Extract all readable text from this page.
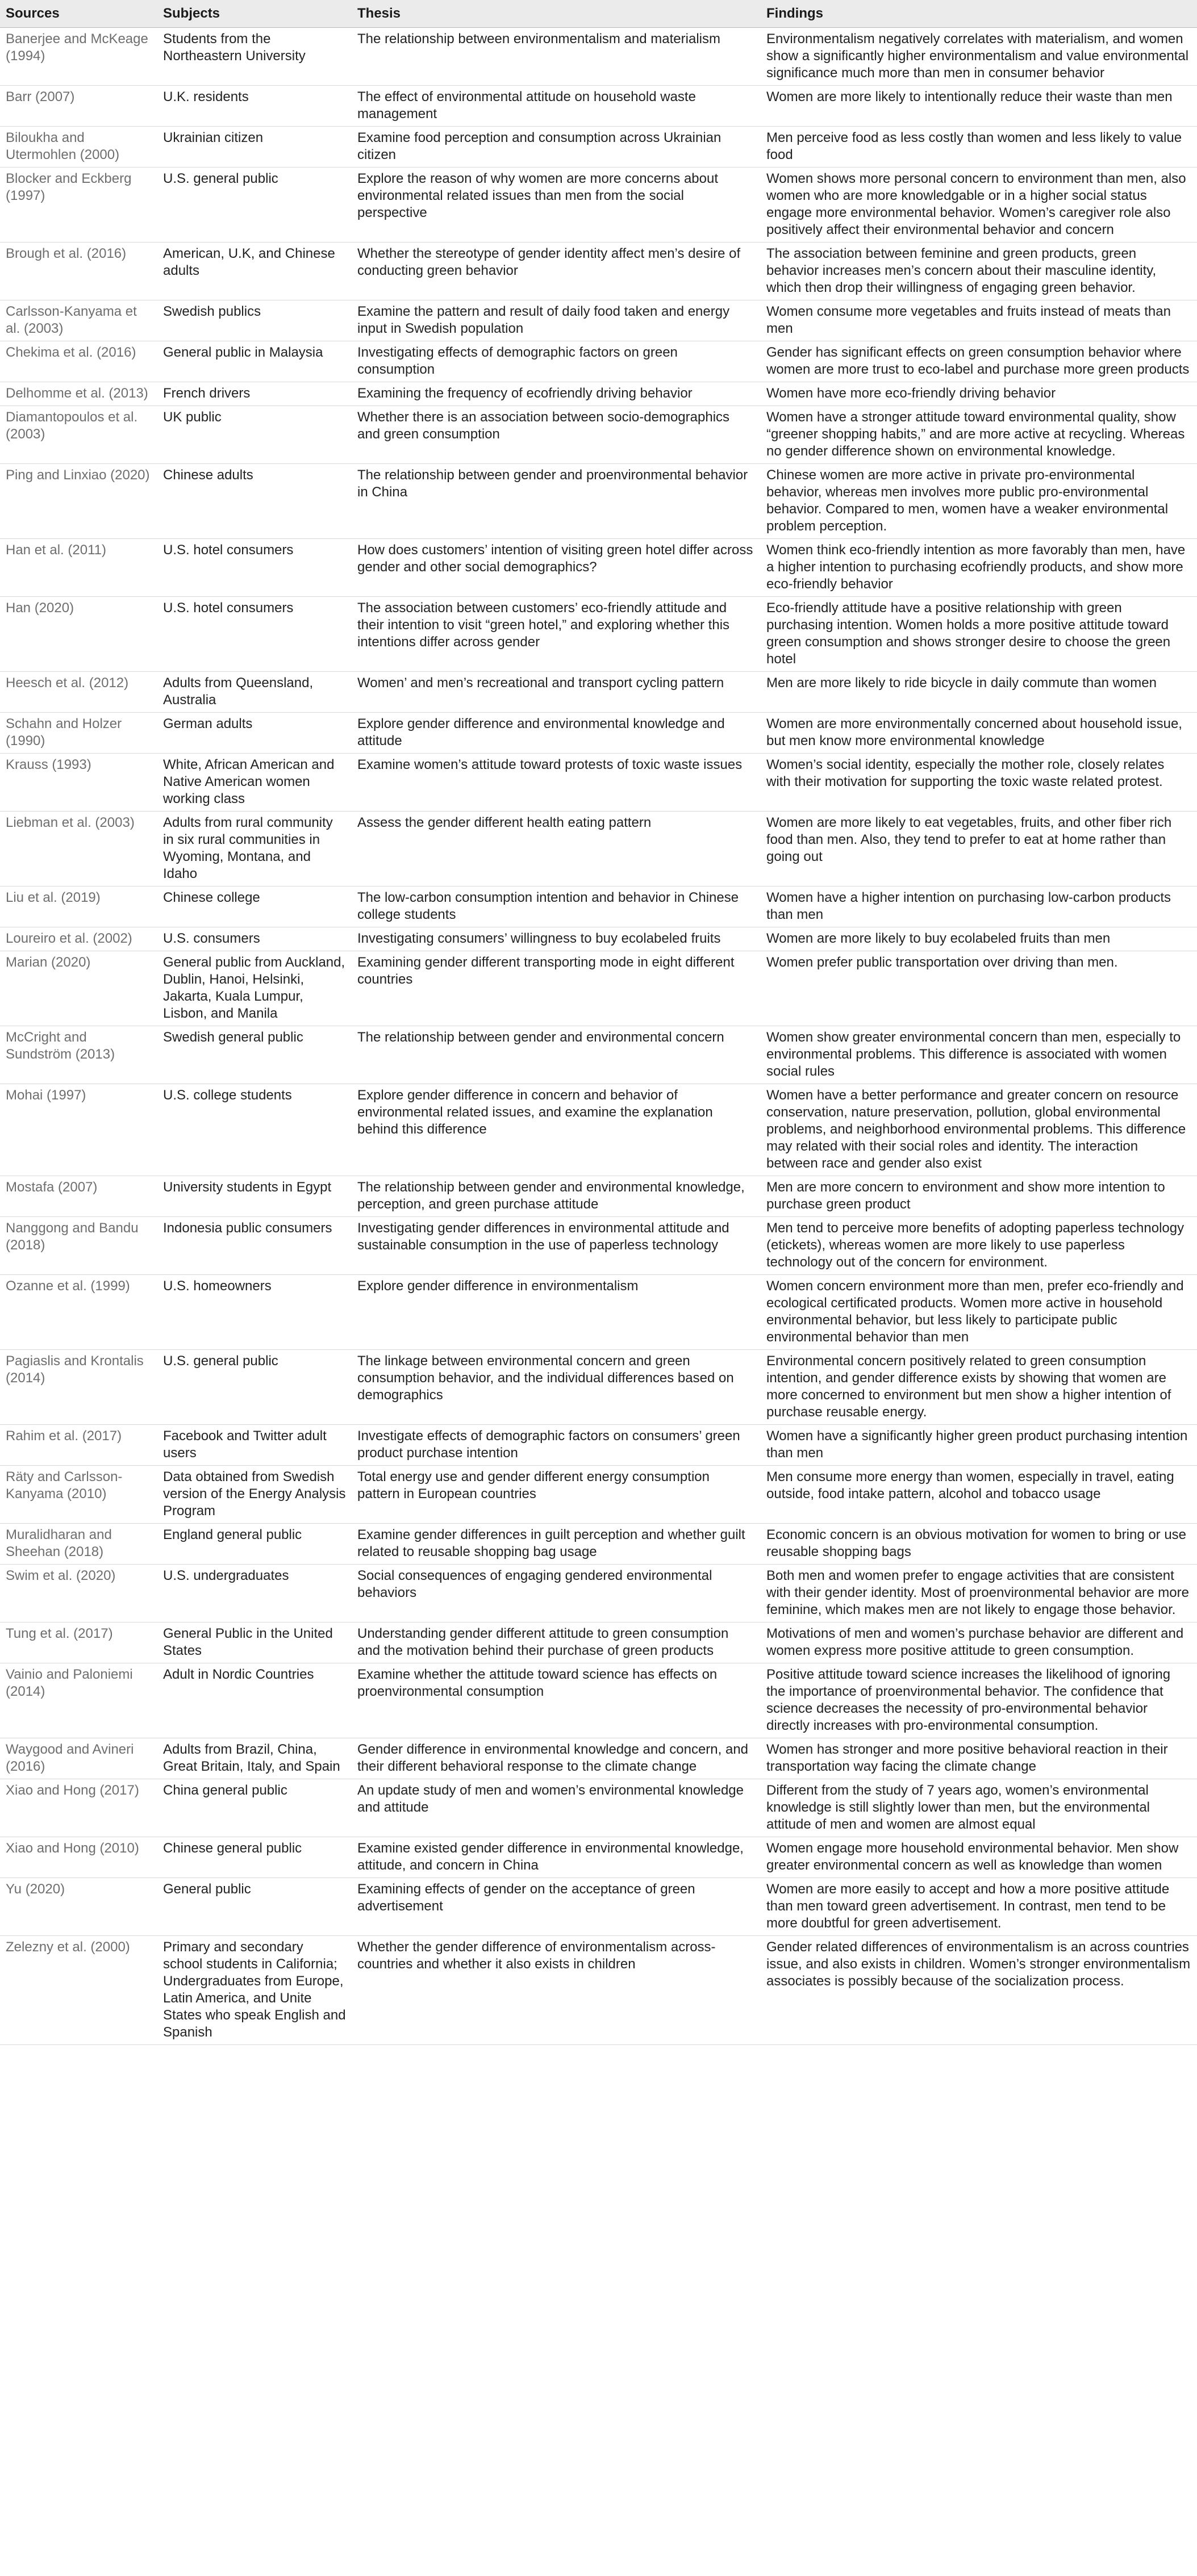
Sources	Subjects	Thesis	Findings
Banerjee and McKeage (1994)	Students from the Northeastern University	The relationship between environmentalism and materialism	Environmentalism negatively correlates with materialism, and women show a significantly higher environmentalism and value environmental significance much more than men in consumer behavior
Barr (2007)	U.K. residents	The effect of environmental attitude on household waste management	Women are more likely to intentionally reduce their waste than men
Biloukha and Utermohlen (2000)	Ukrainian citizen	Examine food perception and consumption across Ukrainian citizen	Men perceive food as less costly than women and less likely to value food
Blocker and Eckberg (1997)	U.S. general public	Explore the reason of why women are more concerns about environmental related issues than men from the social perspective	Women shows more personal concern to environment than men, also women who are more knowledgable or in a higher social status engage more environmental behavior. Women’s caregiver role also positively affect their environmental behavior and concern
Brough et al. (2016)	American, U.K, and Chinese adults	Whether the stereotype of gender identity affect men’s desire of conducting green behavior	The association between feminine and green products, green behavior increases men’s concern about their masculine identity, which then drop their willingness of engaging green behavior.
Carlsson-Kanyama et al. (2003)	Swedish publics	Examine the pattern and result of daily food taken and energy input in Swedish population	Women consume more vegetables and fruits instead of meats than men
Chekima et al. (2016)	General public in Malaysia	Investigating effects of demographic factors on green consumption	Gender has significant effects on green consumption behavior where women are more trust to eco-label and purchase more green products
Delhomme et al. (2013)	French drivers	Examining the frequency of ecofriendly driving behavior	Women have more eco-friendly driving behavior
Diamantopoulos et al. (2003)	UK public	Whether there is an association between socio-demographics and green consumption	Women have a stronger attitude toward environmental quality, show “greener shopping habits,” and are more active at recycling. Whereas no gender difference shown on environmental knowledge.
Ping and Linxiao (2020)	Chinese adults	The relationship between gender and proenvironmental behavior in China	Chinese women are more active in private pro-environmental behavior, whereas men involves more public pro-environmental behavior. Compared to men, women have a weaker environmental problem perception.
Han et al. (2011)	U.S. hotel consumers	How does customers’ intention of visiting green hotel differ across gender and other social demographics?	Women think eco-friendly intention as more favorably than men, have a higher intention to purchasing ecofriendly products, and show more eco-friendly behavior
Han (2020)	U.S. hotel consumers	The association between customers’ eco-friendly attitude and their intention to visit “green hotel,” and exploring whether this intentions differ across gender	Eco-friendly attitude have a positive relationship with green purchasing intention. Women holds a more positive attitude toward green consumption and shows stronger desire to choose the green hotel
Heesch et al. (2012)	Adults from Queensland, Australia	Women’ and men’s recreational and transport cycling pattern	Men are more likely to ride bicycle in daily commute than women
Schahn and Holzer (1990)	German adults	Explore gender difference and environmental knowledge and attitude	Women are more environmentally concerned about household issue, but men know more environmental knowledge
Krauss (1993)	White, African American and Native American women working class	Examine women’s attitude toward protests of toxic waste issues	Women’s social identity, especially the mother role, closely relates with their motivation for supporting the toxic waste related protest.
Liebman et al. (2003)	Adults from rural community in six rural communities in Wyoming, Montana, and Idaho	Assess the gender different health eating pattern	Women are more likely to eat vegetables, fruits, and other fiber rich food than men. Also, they tend to prefer to eat at home rather than going out
Liu et al. (2019)	Chinese college	The low-carbon consumption intention and behavior in Chinese college students	Women have a higher intention on purchasing low-carbon products than men
Loureiro et al. (2002)	U.S. consumers	Investigating consumers’ willingness to buy ecolabeled fruits	Women are more likely to buy ecolabeled fruits than men
Marian (2020)	General public from Auckland, Dublin, Hanoi, Helsinki, Jakarta, Kuala Lumpur, Lisbon, and Manila	Examining gender different transporting mode in eight different countries	Women prefer public transportation over driving than men.
McCright and Sundström (2013)	Swedish general public	The relationship between gender and environmental concern	Women show greater environmental concern than men, especially to environmental problems. This difference is associated with women social rules
Mohai (1997)	U.S. college students	Explore gender difference in concern and behavior of environmental related issues, and examine the explanation behind this difference	Women have a better performance and greater concern on resource conservation, nature preservation, pollution, global environmental problems, and neighborhood environmental problems. This difference may related with their social roles and identity. The interaction between race and gender also exist
Mostafa (2007)	University students in Egypt	The relationship between gender and environmental knowledge, perception, and green purchase attitude	Men are more concern to environment and show more intention to purchase green product
Nanggong and Bandu (2018)	Indonesia public consumers	Investigating gender differences in environmental attitude and sustainable consumption in the use of paperless technology	Men tend to perceive more benefits of adopting paperless technology (etickets), whereas women are more likely to use paperless technology out of the concern for environment.
Ozanne et al. (1999)	U.S. homeowners	Explore gender difference in environmentalism	Women concern environment more than men, prefer eco-friendly and ecological certificated products. Women more active in household environmental behavior, but less likely to participate public environmental behavior than men
Pagiaslis and Krontalis (2014)	U.S. general public	The linkage between environmental concern and green consumption behavior, and the individual differences based on demographics	Environmental concern positively related to green consumption intention, and gender difference exists by showing that women are more concerned to environment but men show a higher intention of purchase reusable energy.
Rahim et al. (2017)	Facebook and Twitter adult users	Investigate effects of demographic factors on consumers’ green product purchase intention	Women have a significantly higher green product purchasing intention than men
Räty and Carlsson-Kanyama (2010)	Data obtained from Swedish version of the Energy Analysis Program	Total energy use and gender different energy consumption pattern in European countries	Men consume more energy than women, especially in travel, eating outside, food intake pattern, alcohol and tobacco usage
Muralidharan and Sheehan (2018)	England general public	Examine gender differences in guilt perception and whether guilt related to reusable shopping bag usage	Economic concern is an obvious motivation for women to bring or use reusable shopping bags
Swim et al. (2020)	U.S. undergraduates	Social consequences of engaging gendered environmental behaviors	Both men and women prefer to engage activities that are consistent with their gender identity. Most of proenvironmental behavior are more feminine, which makes men are not likely to engage those behavior.
Tung et al. (2017)	General Public in the United States	Understanding gender different attitude to green consumption and the motivation behind their purchase of green products	Motivations of men and women’s purchase behavior are different and women express more positive attitude to green consumption.
Vainio and Paloniemi (2014)	Adult in Nordic Countries	Examine whether the attitude toward science has effects on proenvironmental consumption	Positive attitude toward science increases the likelihood of ignoring the importance of proenvironmental behavior. The confidence that science decreases the necessity of pro-environmental behavior directly increases with pro-environmental consumption.
Waygood and Avineri (2016)	Adults from Brazil, China, Great Britain, Italy, and Spain	Gender difference in environmental knowledge and concern, and their different behavioral response to the climate change	Women has stronger and more positive behavioral reaction in their transportation way facing the climate change
Xiao and Hong (2017)	China general public	An update study of men and women’s environmental knowledge and attitude	Different from the study of 7 years ago, women’s environmental knowledge is still slightly lower than men, but the environmental attitude of men and women are almost equal
Xiao and Hong (2010)	Chinese general public	Examine existed gender difference in environmental knowledge, attitude, and concern in China	Women engage more household environmental behavior. Men show greater environmental concern as well as knowledge than women
Yu (2020)	General public	Examining effects of gender on the acceptance of green advertisement	Women are more easily to accept and how a more positive attitude than men toward green advertisement. In contrast, men tend to be more doubtful for green advertisement.
Zelezny et al. (2000)	Primary and secondary school students in California; Undergraduates from Europe, Latin America, and Unite States who speak English and Spanish	Whether the gender difference of environmentalism across-countries and whether it also exists in children	Gender related differences of environmentalism is an across countries issue, and also exists in children. Women’s stronger environmentalism associates is possibly because of the socialization process.
